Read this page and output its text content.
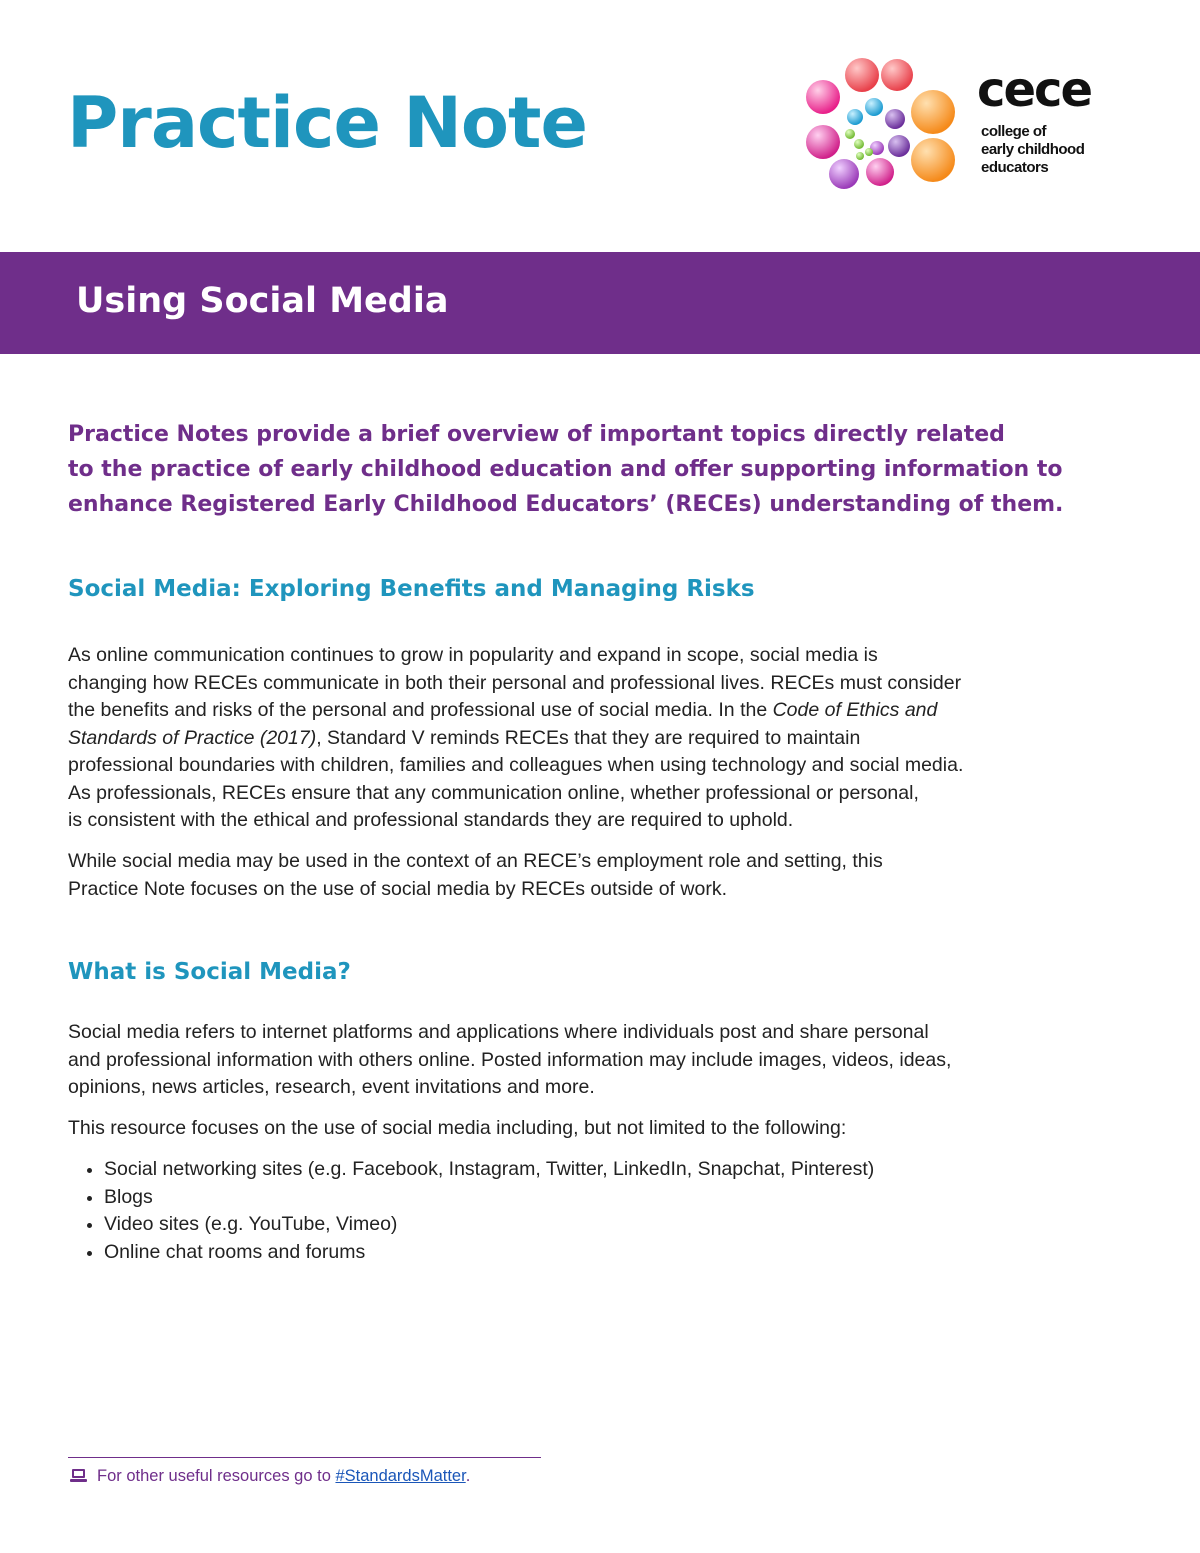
Practice Note	cece
college of
early childhood
educators
Using Social Media

Practice Notes provide a brief overview of important topics directly related
to the practice of early childhood education and offer supporting information to
enhance Registered Early Childhood Educators’ (RECEs) understanding of them.

Social Media: Exploring Benefits and Managing Risks

As online communication continues to grow in popularity and expand in scope, social media is
changing how RECEs communicate in both their personal and professional lives. RECEs must consider
the benefits and risks of the personal and professional use of social media. In the Code of Ethics and
Standards of Practice (2017), Standard V reminds RECEs that they are required to maintain
professional boundaries with children, families and colleagues when using technology and social media.
As professionals, RECEs ensure that any communication online, whether professional or personal,
is consistent with the ethical and professional standards they are required to uphold.

While social media may be used in the context of an RECE’s employment role and setting, this
Practice Note focuses on the use of social media by RECEs outside of work.

What is Social Media?

Social media refers to internet platforms and applications where individuals post and share personal
and professional information with others online. Posted information may include images, videos, ideas,
opinions, news articles, research, event invitations and more.

This resource focuses on the use of social media including, but not limited to the following:

Social networking sites (e.g. Facebook, Instagram, Twitter, LinkedIn, Snapchat, Pinterest)
Blogs
Video sites (e.g. YouTube, Vimeo)
Online chat rooms and forums
For other useful resources go to #StandardsMatter.
